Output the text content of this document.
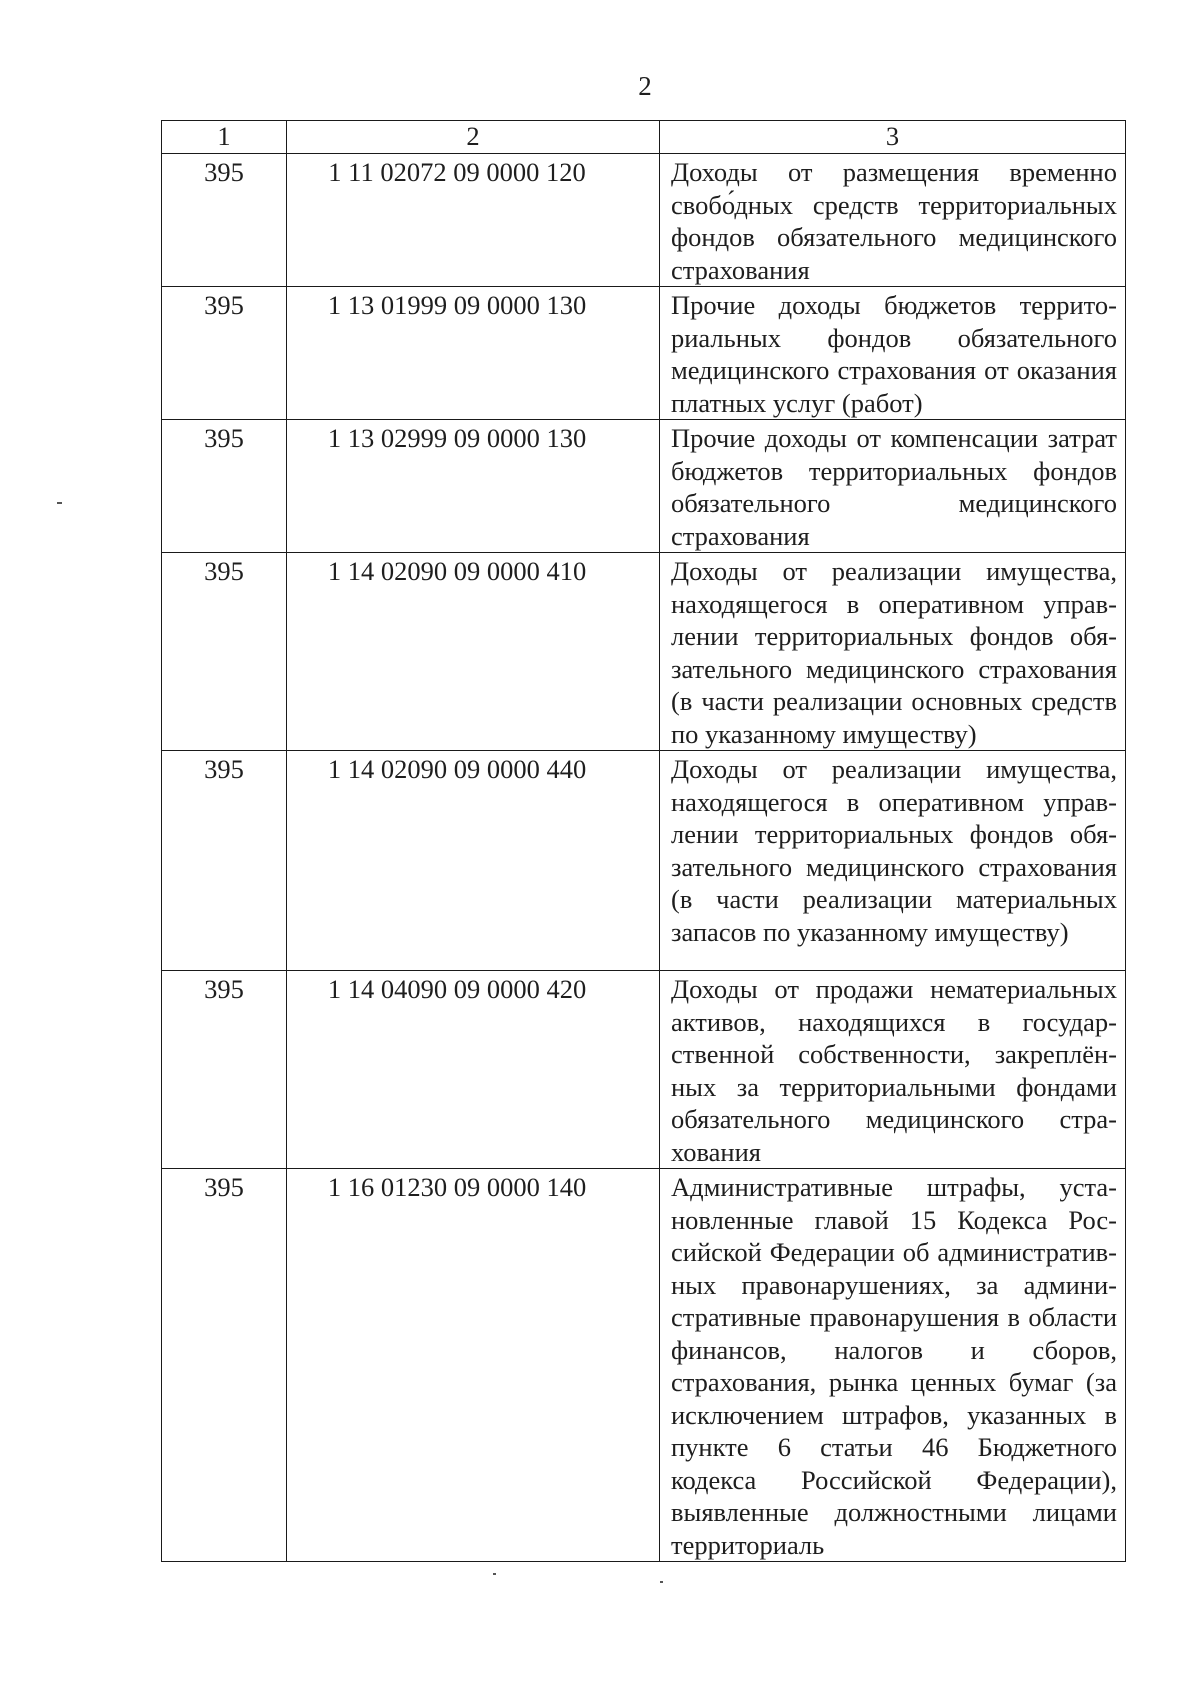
2
1	2	3
395	1 11 02072 09 0000 120	Доходы от размещения временно свобо́дных средств территориальных фондов обязательного медицинского страхования
395	1 13 01999 09 0000 130	Прочие доходы бюджетов территориальных фондов обязательного медицинского страхования от оказания платных услуг (работ)
395	1 13 02999 09 0000 130	Прочие доходы от компенсации затрат бюджетов территориальных фондов обязательного медицинского страхования
395	1 14 02090 09 0000 410	Доходы от реализации имущества, находящегося в оперативном управлении территориальных фондов обязательного медицинского страхования (в части реализации основных средств по указанному имуществу)
395	1 14 02090 09 0000 440	Доходы от реализации имущества, находящегося в оперативном управлении территориальных фондов обязательного медицинского страхования (в части реализации материальных запасов по указанному имуществу)
395	1 14 04090 09 0000 420	Доходы от продажи нематериальных активов, находящихся в государственной собственности, закреплённых за территориальными фондами обязательного медицинского страхования
395	1 16 01230 09 0000 140	Административные штрафы, установленные главой 15 Кодекса Российской Федерации об административных правонарушениях, за административные правонарушения в области финансов, налогов и сборов, страхования, рынка ценных бумаг (за исключением штрафов, указанных в пункте 6 статьи 46 Бюджетного кодекса Российской Федерации), выявленные должностными лицами территориаль
